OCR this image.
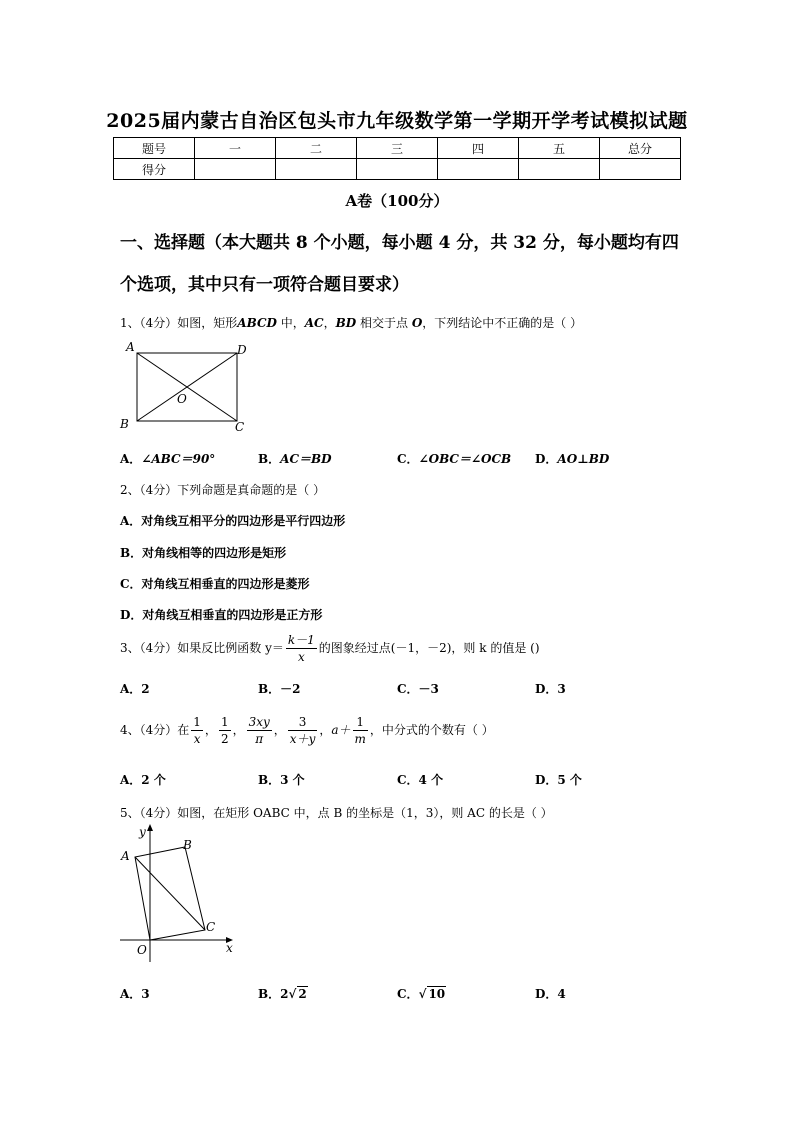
2025届内蒙古自治区包头市九年级数学第一学期开学考试模拟试题
题号	一	二	三	四	五	总分
得分						
A卷（100分）
一、选择题（本大题共 8 个小题，每小题 4 分，共 32 分，每小题均有四个选项，其中只有一项符合题目要求）
1、（4分）如图，矩形ABCD 中，AC，BD 相交于点 O，下列结论中不正确的是（ ）
A	D
B	C
O
A．∠ABC＝90°	B．AC＝BD	C．∠OBC＝∠OCB D．AO⊥BD
2、（4分）下列命题是真命题的是（ ）
A．对角线互相平分的四边形是平行四边形
B．对角线相等的四边形是矩形
C．对角线互相垂直的四边形是菱形
D．对角线互相垂直的四边形是正方形
3、（4分）如果反比例函数 $y= \frac{k-1}{x}$ 的图象经过点(－1，－2)，则 k 的值是 ()
A．2	B．－2	C．－3	D．3
4、（4分）在 $\frac{1}{x}$ ， $\frac{1}{2}$ ， $\frac{3xy}{\pi}$ ， $\frac{3}{x+y}$ ，$a+ \frac{1}{m}$ ，中分式的个数有（ ）
A．2 个	B．3 个	C．4 个	D．5 个
5、（4分）如图，在矩形 OABC 中，点 B 的坐标是（1，3），则 AC 的长是（ ）
y
x
A
B
C
O
A．3	B．2√ 2	C．√ 10	D．4
